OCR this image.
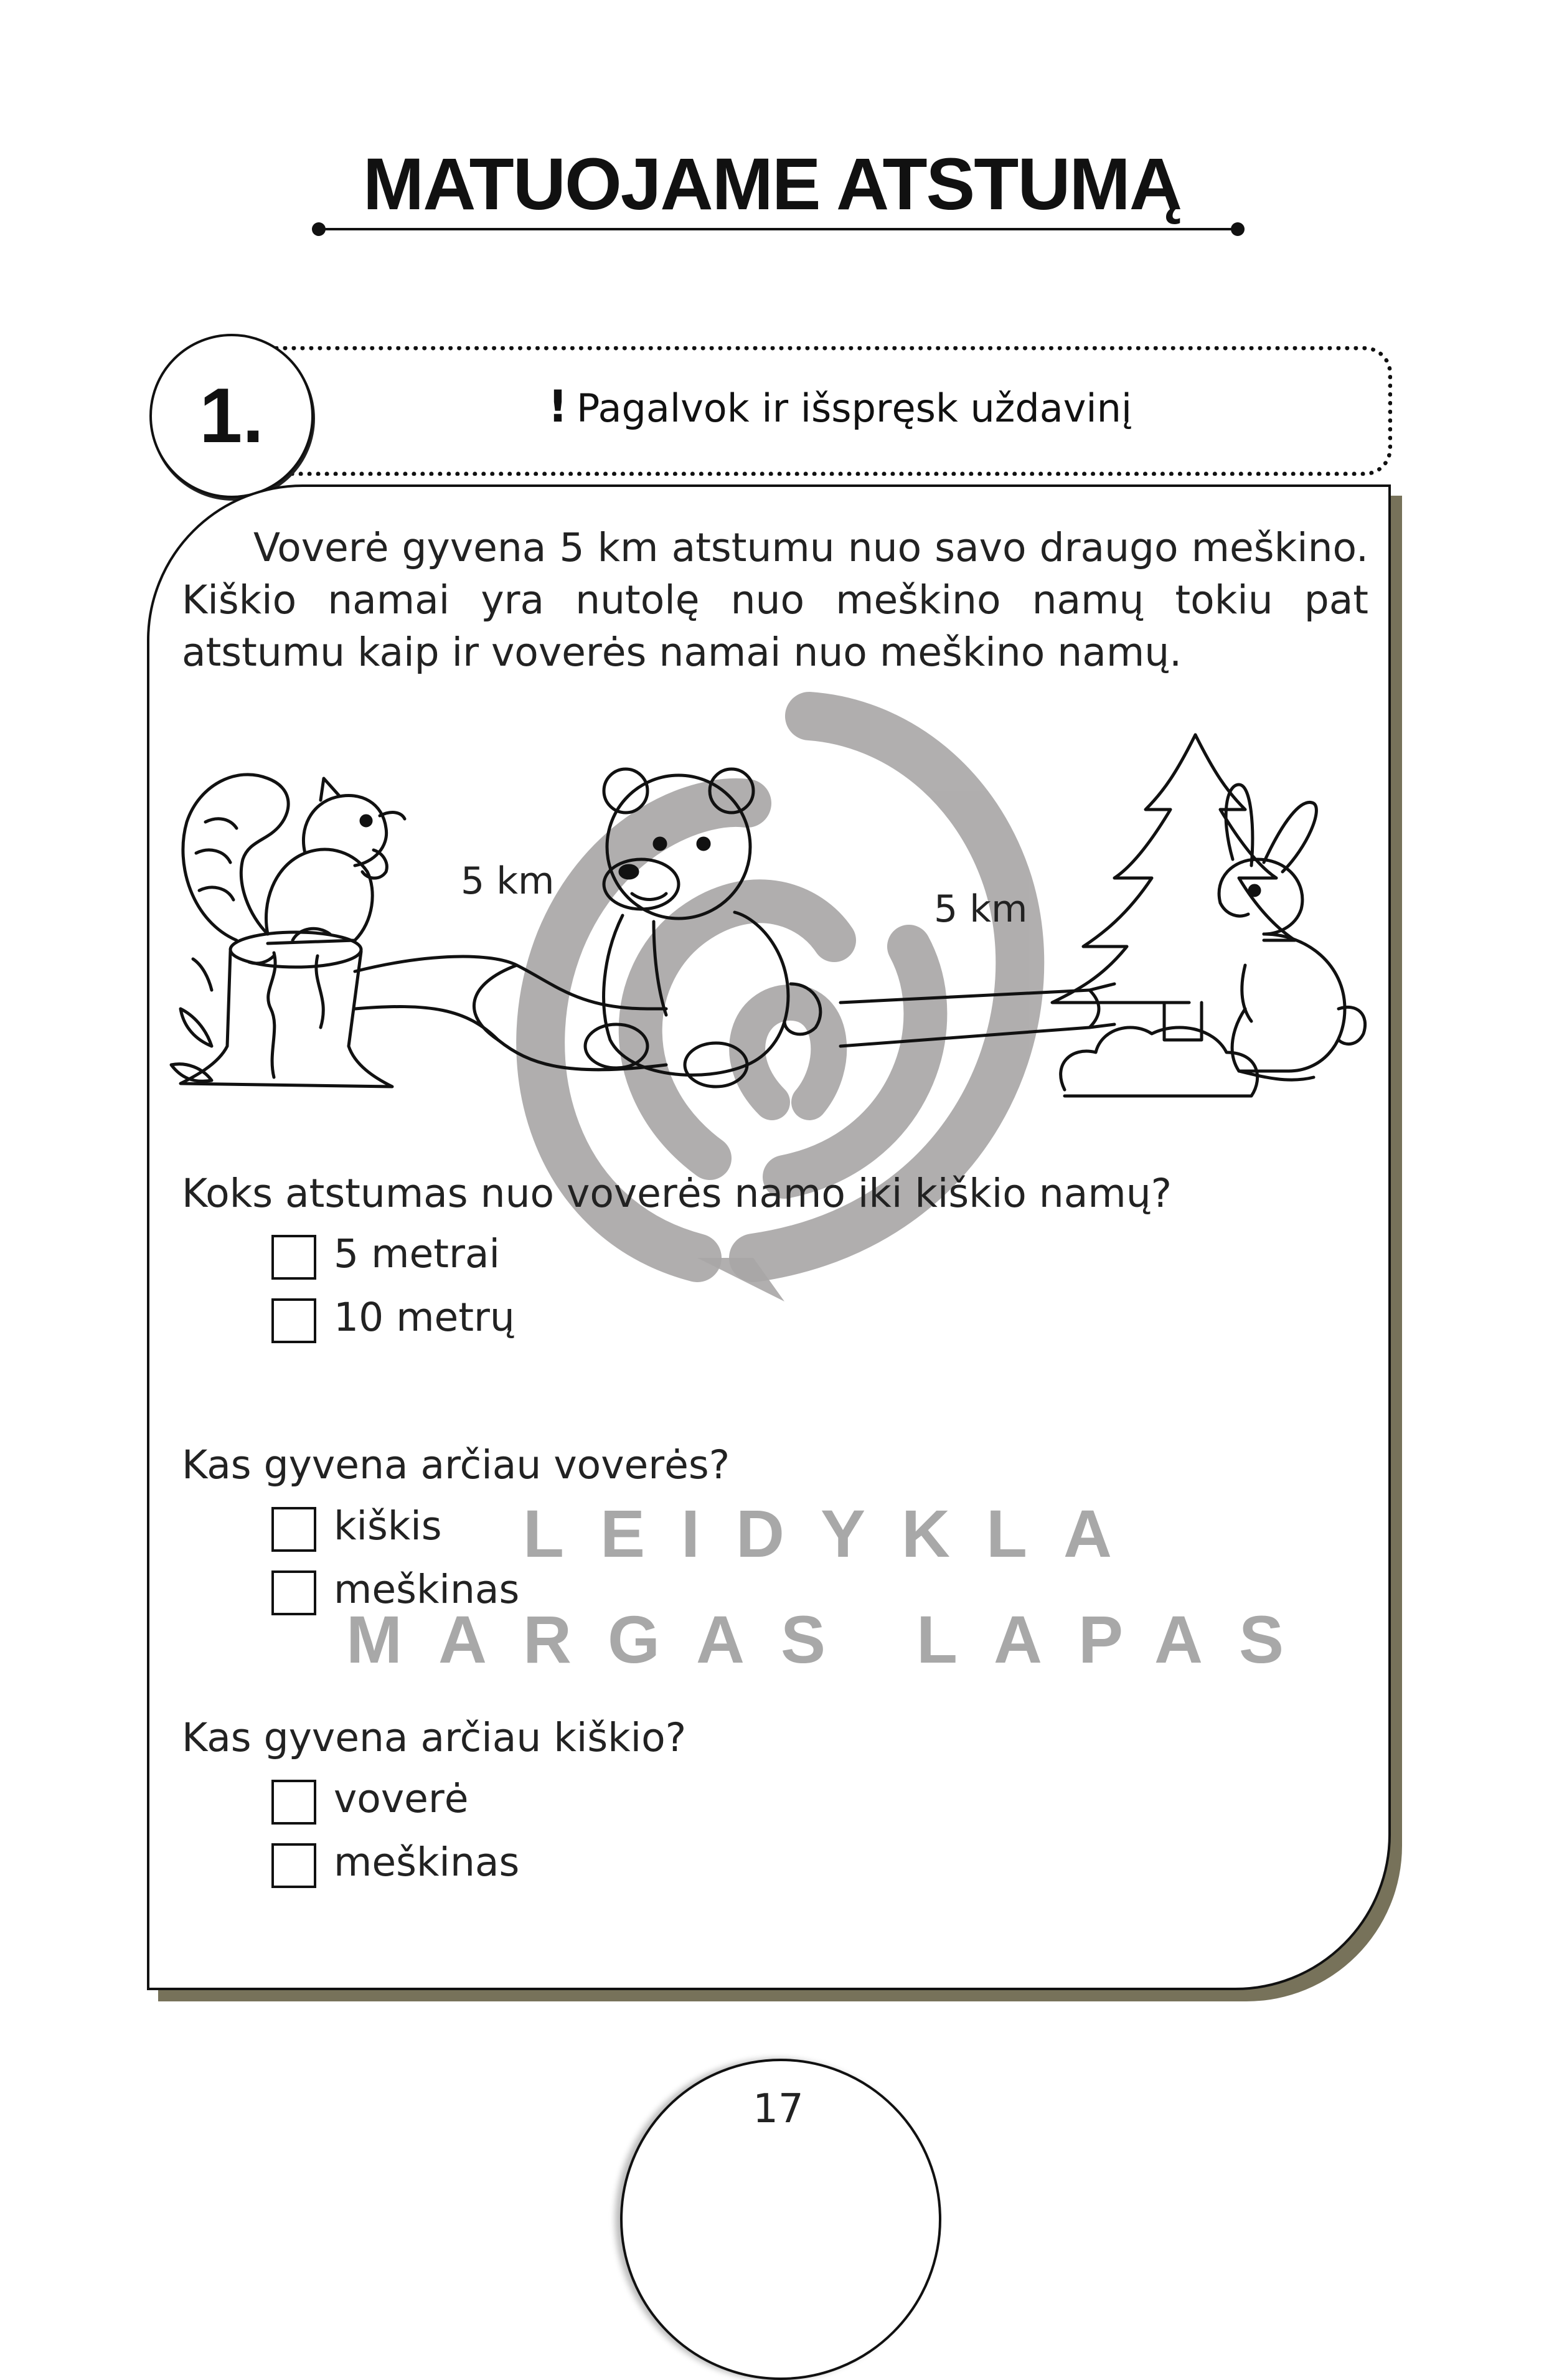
MATUOJAME ATSTUMĄ
1.	! Pagalvok ir išspręsk uždavinį

Voverė gyvena 5 km atstumu nuo savo draugo meškino. Kiškio namai yra nutolę nuo meškino namų tokiu pat atstumu kaip ir voverės namai nuo meškino namų.

5 km
5 km
Koks atstumas nuo voverės namo iki kiškio namų?
5 metrai
10 metrų
Kas gyvena arčiau voverės?
kiškis
meškinas
Kas gyvena arčiau kiškio?
voverė
meškinas
LEIDYKLA
MARGAS LAPAS
17
